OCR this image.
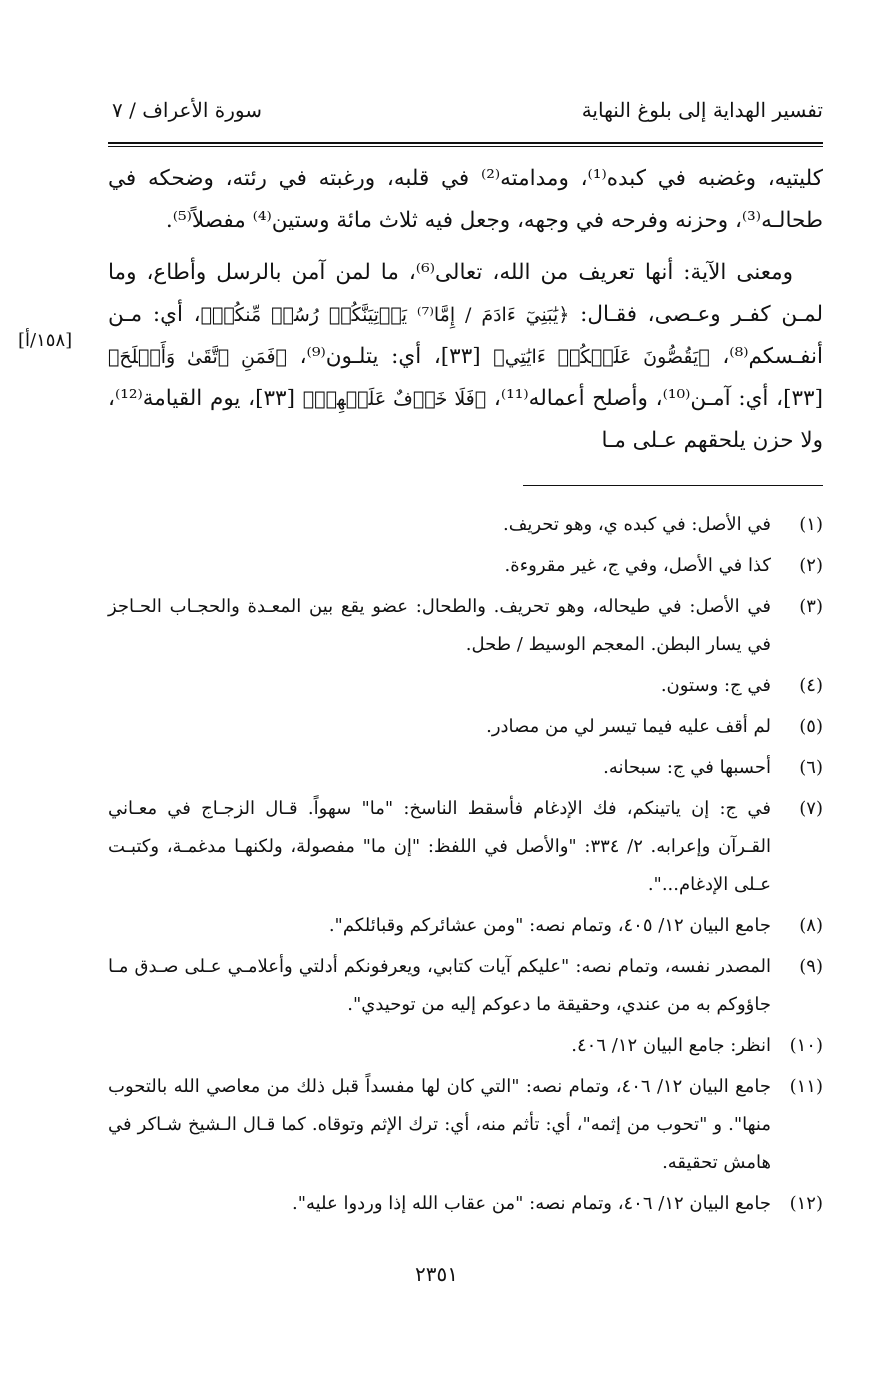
تفسير الهداية إلى بلوغ النهاية
سورة الأعراف / ٧

كليتيه، وغضبه في كبده⁽¹⁾، ومدامته⁽²⁾ في قلبه، ورغبته في رئته، وضحكه في طحالـه⁽³⁾، وحزنه وفرحه في وجهه، وجعل فيه ثلاث مائة وستين⁽⁴⁾ مفصلاً⁽⁵⁾.

ومعنى الآية: أنها تعريف من الله، تعالى⁽⁶⁾، ما لمن آمن بالرسل وأطاع، وما لمـن كفـر وعـصى، فقـال: ﴿يَٰبَنِيٓ ءَادَمَ / إِمَّا⁽⁷⁾ يَأۡتِيَنَّكُمۡ رُسُلٞ مِّنكُمۡ﴾، أي: مـن أنفـسكم⁽⁸⁾، ﴿يَقُصُّونَ عَلَيۡكُمۡ ءَايَٰتِي﴾ [٣٣]، أي: يتلـون⁽⁹⁾، ﴿فَمَنِ ٱتَّقَىٰ وَأَصۡلَحَ﴾ [٣٣]، أي: آمـن⁽¹⁰⁾، وأصلح أعماله⁽¹¹⁾، ﴿فَلَا خَوۡفٌ عَلَيۡهِمۡ﴾ [٣٣]، يوم القيامة⁽¹²⁾، ولا حزن يلحقهم عـلى مـا

[١٥٨/أ]
(١)
في الأصل: في كبده ي، وهو تحريف.
(٢)
كذا في الأصل، وفي ج، غير مقروءة.
(٣)
في الأصل: في طيحاله، وهو تحريف. والطحال: عضو يقع بين المعـدة والحجـاب الحـاجز في يسار البطن. المعجم الوسيط / طحل.
(٤)
في ج: وستون.
(٥)
لم أقف عليه فيما تيسر لي من مصادر.
(٦)
أحسبها في ج: سبحانه.
(٧)
في ج: إن ياتينكم، فك الإدغام فأسقط الناسخ: "ما" سهواً. قـال الزجـاج في معـاني القـرآن وإعرابه. ٢/ ٣٣٤: "والأصل في اللفظ: "إن ما" مفصولة، ولكنهـا مدغمـة، وكتبـت عـلى الإدغام...".
(٨)
جامع البيان ١٢/ ٤٠٥، وتمام نصه: "ومن عشائركم وقبائلكم".
(٩)
المصدر نفسه، وتمام نصه: "عليكم آيات كتابي، ويعرفونكم أدلتي وأعلامـي عـلى صـدق مـا جاؤوكم به من عندي، وحقيقة ما دعوكم إليه من توحيدي".
(١٠)
انظر: جامع البيان ١٢/ ٤٠٦.
(١١)
جامع البيان ١٢/ ٤٠٦، وتمام نصه: "التي كان لها مفسداً قبل ذلك من معاصي الله بالتحوب منها". و "تحوب من إثمه"، أي: تأثم منه، أي: ترك الإثم وتوقاه. كما قـال الـشيخ شـاكر في هامش تحقيقه.
(١٢)
جامع البيان ١٢/ ٤٠٦، وتمام نصه: "من عقاب الله إذا وردوا عليه".
٢٣٥١
